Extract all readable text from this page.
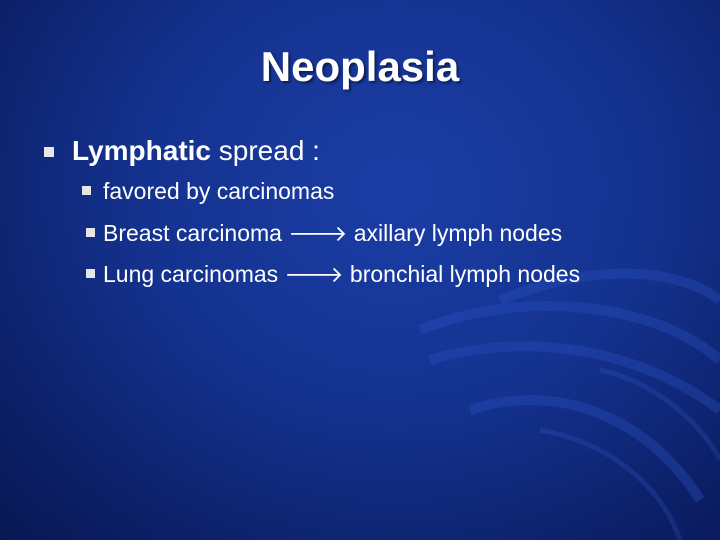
Neoplasia
Lymphatic spread :
favored by carcinomas
Breast carcinoma 🡒 axillary lymph nodes
Lung carcinomas 🡒 bronchial lymph nodes
